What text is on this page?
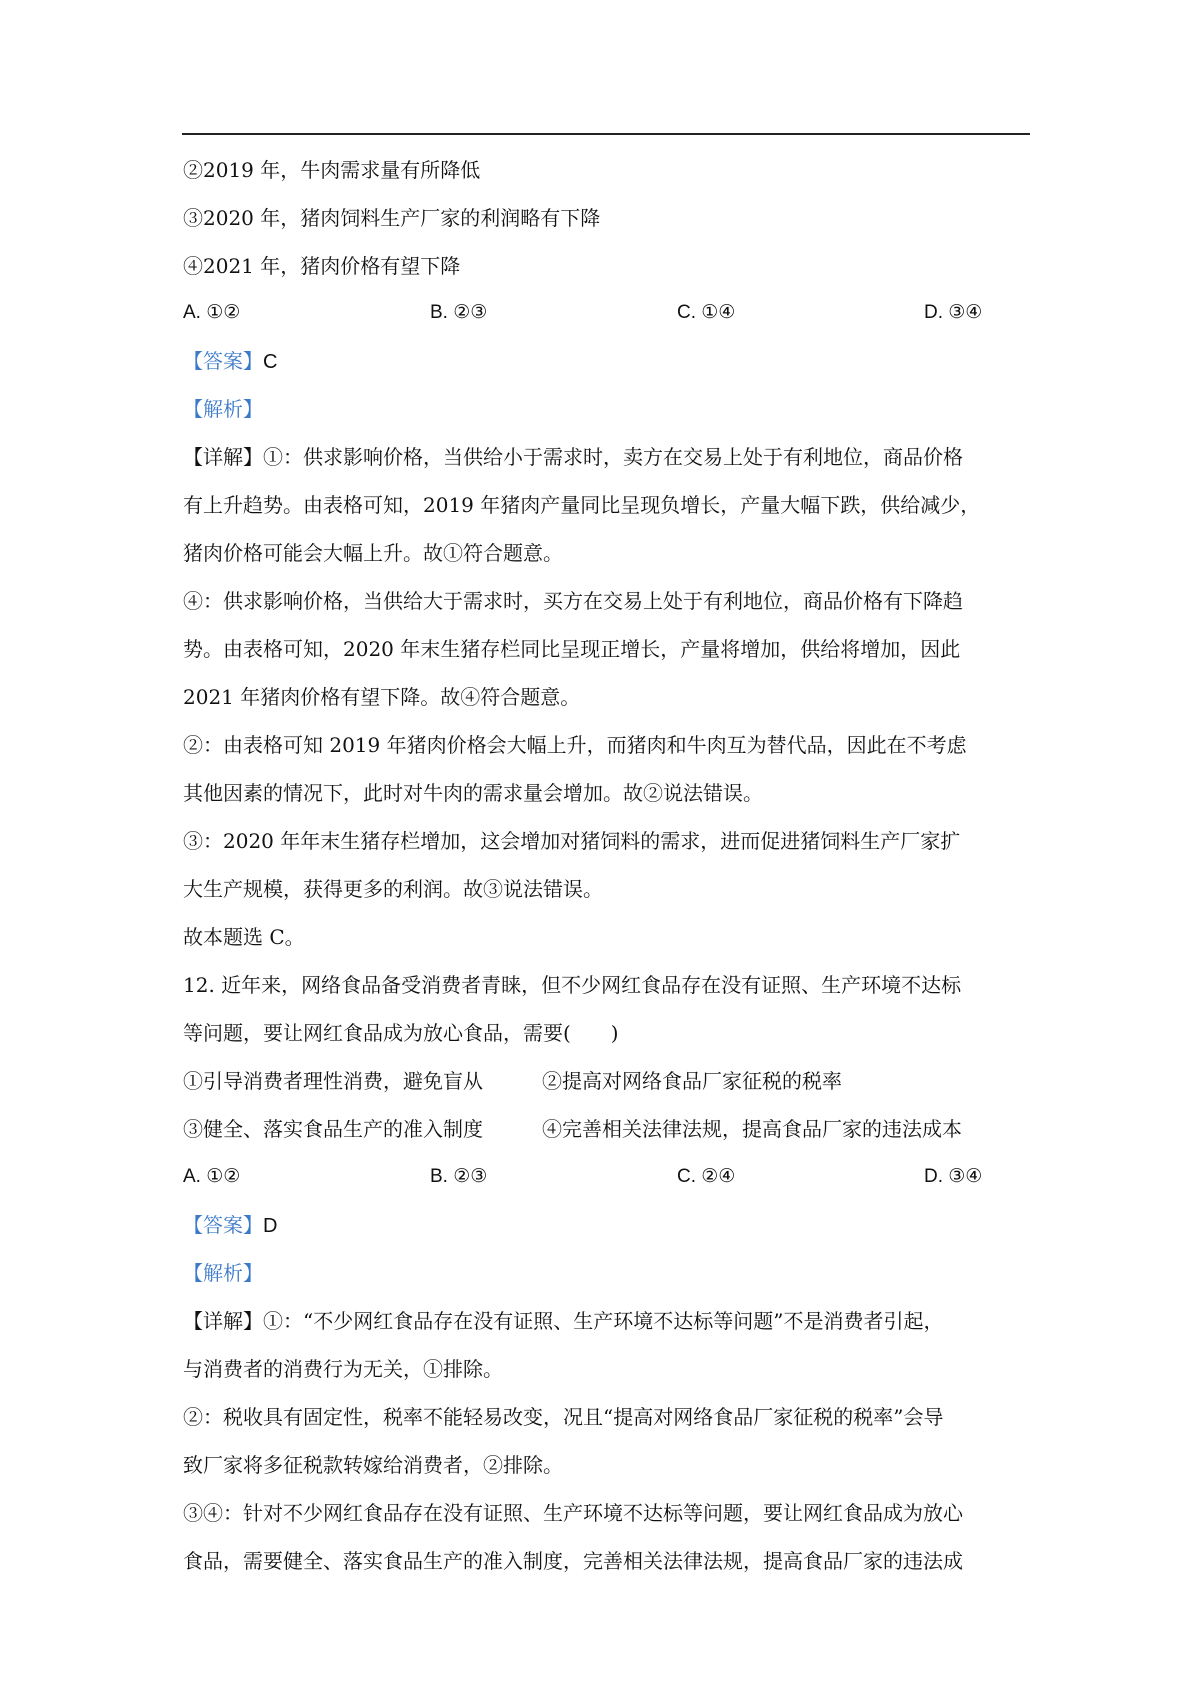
②2019 年，牛肉需求量有所降低
③2020 年，猪肉饲料生产厂家的利润略有下降
④2021 年，猪肉价格有望下降
A. ①②	B. ②③	C. ①④	D. ③④
【答案】C
【解析】
【详解】①：供求影响价格，当供给小于需求时，卖方在交易上处于有利地位，商品价格
有上升趋势。由表格可知，2019 年猪肉产量同比呈现负增长，产量大幅下跌，供给减少，
猪肉价格可能会大幅上升。故①符合题意。
④：供求影响价格，当供给大于需求时，买方在交易上处于有利地位，商品价格有下降趋
势。由表格可知，2020 年末生猪存栏同比呈现正增长，产量将增加，供给将增加，因此
2021 年猪肉价格有望下降。故④符合题意。
②：由表格可知 2019 年猪肉价格会大幅上升，而猪肉和牛肉互为替代品，因此在不考虑
其他因素的情况下，此时对牛肉的需求量会增加。故②说法错误。
③：2020 年年末生猪存栏增加，这会增加对猪饲料的需求，进而促进猪饲料生产厂家扩
大生产规模，获得更多的利润。故③说法错误。
故本题选 C。
12. 近年来，网络食品备受消费者青睐，但不少网红食品存在没有证照、生产环境不达标
等问题，要让网红食品成为放心食品，需要(　　)
①引导消费者理性消费，避免盲从	②提高对网络食品厂家征税的税率
③健全、落实食品生产的准入制度	④完善相关法律法规，提高食品厂家的违法成本
A. ①②	B. ②③	C. ②④	D. ③④
【答案】D
【解析】
【详解】①：“不少网红食品存在没有证照、生产环境不达标等问题”不是消费者引起，
与消费者的消费行为无关，①排除。
②：税收具有固定性，税率不能轻易改变，况且“提高对网络食品厂家征税的税率”会导
致厂家将多征税款转嫁给消费者，②排除。
③④：针对不少网红食品存在没有证照、生产环境不达标等问题，要让网红食品成为放心
食品，需要健全、落实食品生产的准入制度，完善相关法律法规，提高食品厂家的违法成
